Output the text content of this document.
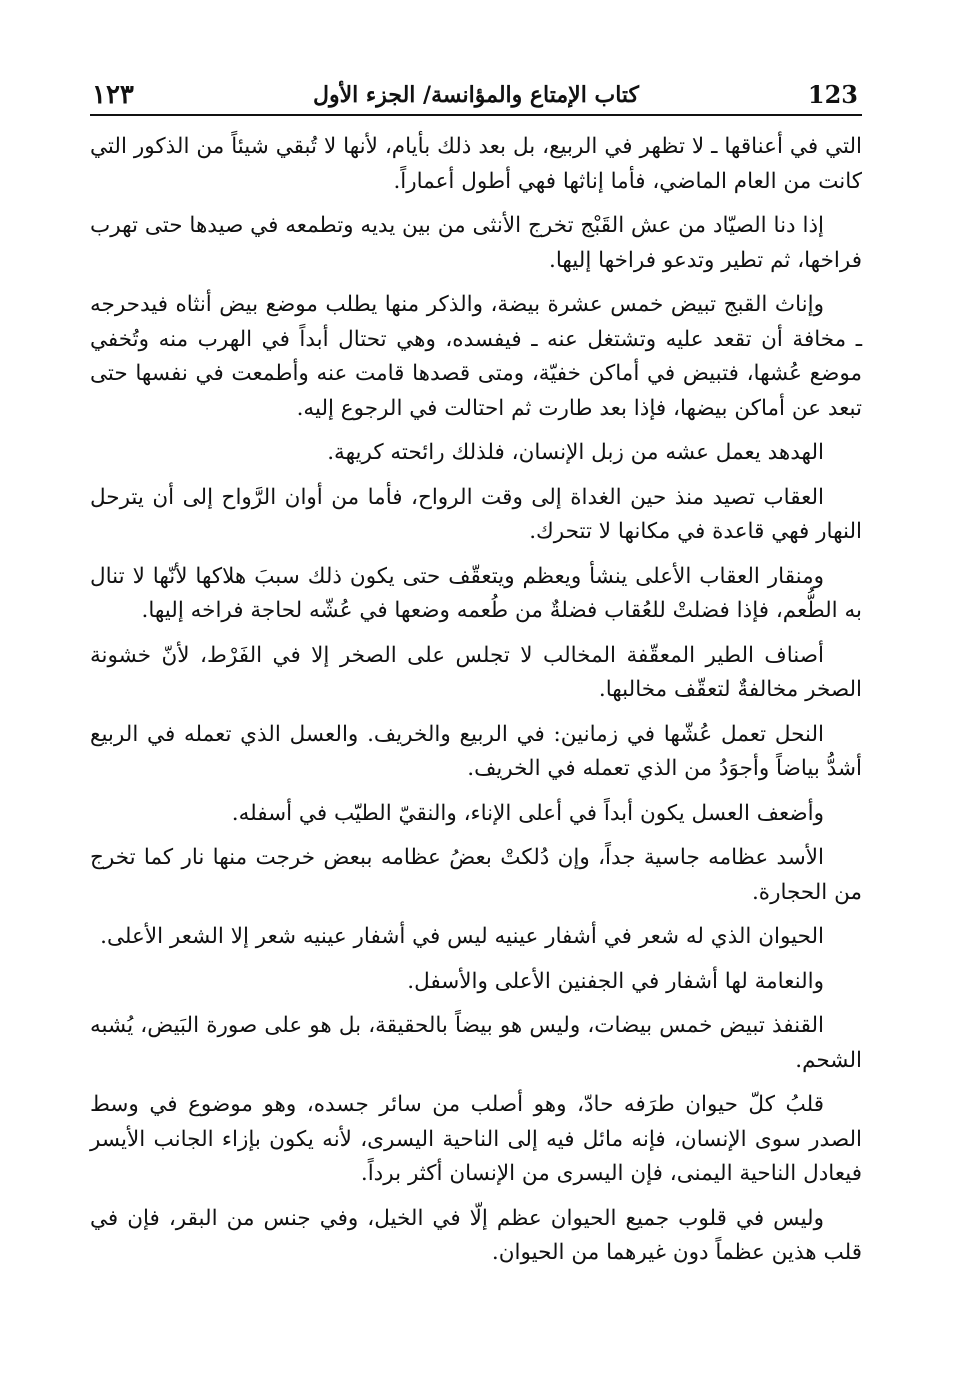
123
كتاب الإمتاع والمؤانسة/ الجزء الأول
١٢٣

التي في أعناقها ـ لا تظهر في الربيع، بل بعد ذلك بأيام، لأنها لا تُبقي شيئاً من الذكور التي كانت من العام الماضي، فأما إناثها فهي أطول أعماراً.

إذا دنا الصيّاد من عش القَبْج تخرج الأنثى من بين يديه وتطمعه في صيدها حتى تهرب فراخها، ثم تطير وتدعو فراخها إليها.

وإناث القبج تبيض خمس عشرة بيضة، والذكر منها يطلب موضع بيض أنثاه فيدحرجه ـ مخافة أن تقعد عليه وتشتغل عنه ـ فيفسده، وهي تحتال أبداً في الهرب منه وتُخفي موضع عُشها، فتبيض في أماكن خفيّة، ومتى قصدها قامت عنه وأطمعت في نفسها حتى تبعد عن أماكن بيضها، فإذا بعد طارت ثم احتالت في الرجوع إليه.

الهدهد يعمل عشه من زبل الإنسان، فلذلك رائحته كريهة.

العقاب تصيد منذ حين الغداة إلى وقت الرواح، فأما من أوان الرَّواح إلى أن يترحل النهار فهي قاعدة في مكانها لا تتحرك.

ومنقار العقاب الأعلى ينشأ ويعظم ويتعقّف حتى يكون ذلك سببَ هلاكها لأنّها لا تنال به الطُّعم، فإذا فضلتْ للعُقاب فضلةٌ من طُعمه وضعها في عُشّه لحاجة فراخه إليها.

أصناف الطير المعقّفة المخالب لا تجلس على الصخر إلا في الفَرْط، لأنّ خشونة الصخر مخالفةٌ لتعقّف مخالبها.

النحل تعمل عُشّها في زمانين: في الربيع والخريف. والعسل الذي تعمله في الربيع أشدُّ بياضاً وأجوَدُ من الذي تعمله في الخريف.

وأضعف العسل يكون أبداً في أعلى الإناء، والنقيّ الطيّب في أسفله.

الأسد عظامه جاسية جداً، وإن دُلكتْ بعضُ عظامه ببعض خرجت منها نار كما تخرج من الحجارة.

الحيوان الذي له شعر في أشفار عينيه ليس في أشفار عينيه شعر إلا الشعر الأعلى.

والنعامة لها أشفار في الجفنين الأعلى والأسفل.

القنفذ تبيض خمس بيضات، وليس هو بيضاً بالحقيقة، بل هو على صورة البَيض، يُشبه الشحم.

قلبُ كلّ حيوان طرَفه حادّ، وهو أصلب من سائر جسده، وهو موضوع في وسط الصدر سوى الإنسان، فإنه مائل فيه إلى الناحية اليسرى، لأنه يكون بإزاء الجانب الأيسر فيعادل الناحية اليمنى، فإن اليسرى من الإنسان أكثر برداً.

وليس في قلوب جميع الحيوان عظم إلّا في الخيل، وفي جنس من البقر، فإن في قلب هذين عظماً دون غيرهما من الحيوان.
